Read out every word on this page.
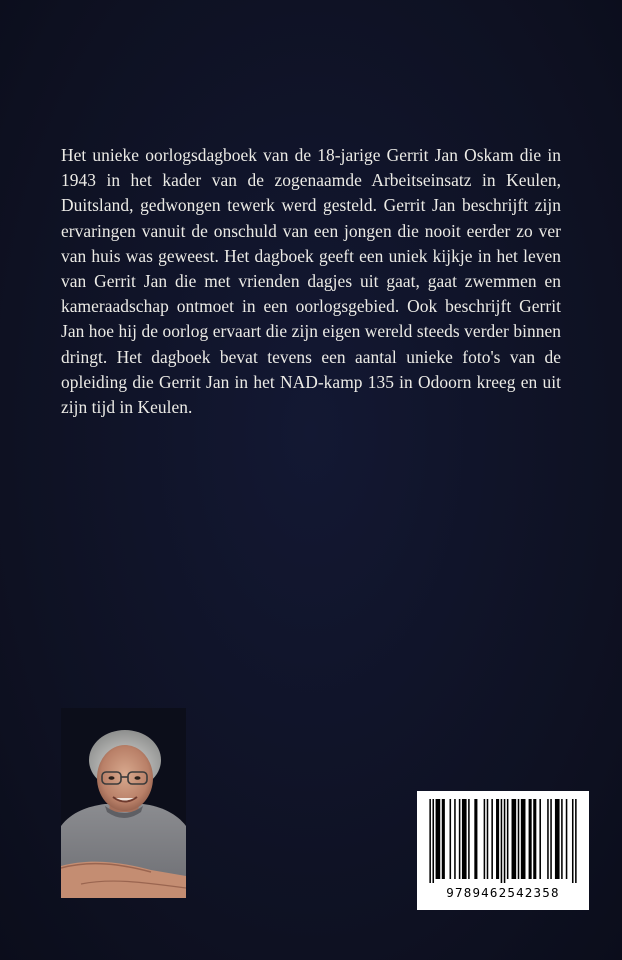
Het unieke oorlogsdagboek van de 18-jarige Gerrit Jan Oskam die in 1943 in het kader van de zogenaamde Arbeitseinsatz in Keulen, Duitsland, gedwongen tewerk werd gesteld. Gerrit Jan beschrijft zijn ervaringen vanuit de onschuld van een jongen die nooit eerder zo ver van huis was geweest. Het dagboek geeft een uniek kijkje in het leven van Gerrit Jan die met vrienden dagjes uit gaat, gaat zwemmen en kameraadschap ontmoet in een oorlogsgebied. Ook beschrijft Gerrit Jan hoe hij de oorlog ervaart die zijn eigen wereld steeds verder binnen dringt. Het dagboek bevat tevens een aantal unieke foto's van de opleiding die Gerrit Jan in het NAD-kamp 135 in Odoorn kreeg en uit zijn tijd in Keulen.

9789462542358
